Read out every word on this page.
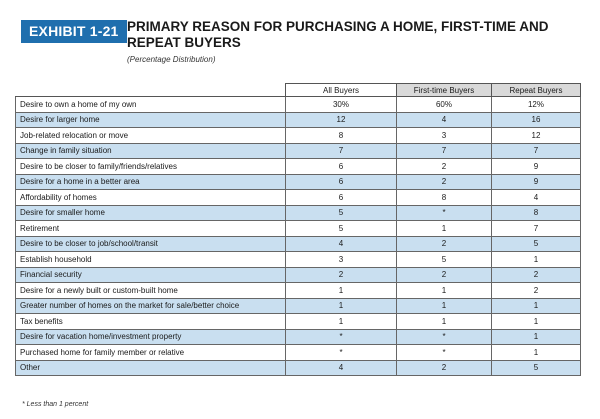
EXHIBIT 1-21 PRIMARY REASON FOR PURCHASING A HOME, FIRST-TIME AND REPEAT BUYERS
(Percentage Distribution)
	All Buyers	First-time Buyers	Repeat Buyers
Desire to own a home of my own	30%	60%	12%
Desire for larger home	12	4	16
Job-related relocation or move	8	3	12
Change in family situation	7	7	7
Desire to be closer to family/friends/relatives	6	2	9
Desire for a home in a better area	6	2	9
Affordability of homes	6	8	4
Desire for smaller home	5	*	8
Retirement	5	1	7
Desire to be closer to job/school/transit	4	2	5
Establish household	3	5	1
Financial security	2	2	2
Desire for a newly built or custom-built home	1	1	2
Greater number of homes on the market for sale/better choice	1	1	1
Tax benefits	1	1	1
Desire for vacation home/investment property	*	*	1
Purchased home for family member or relative	*	*	1
Other	4	2	5
* Less than 1 percent
